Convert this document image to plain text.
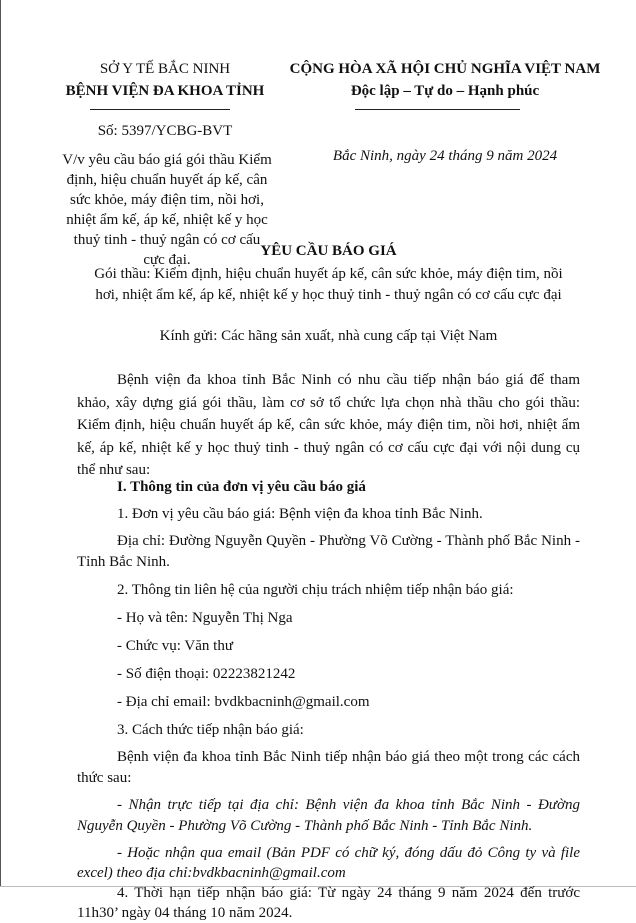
SỞ Y TẾ BẮC NINH
BỆNH VIỆN ĐA KHOA TỈNH
Số: 5397/YCBG-BVT
V/v yêu cầu báo giá gói thầu Kiểm định, hiệu chuẩn huyết áp kế, cân sức khỏe, máy điện tim, nồi hơi, nhiệt ẩm kế, áp kế, nhiệt kế y học thuỷ tinh - thuỷ ngân có cơ cấu cực đại.
CỘNG HÒA XÃ HỘI CHỦ NGHĨA VIỆT NAM
Độc lập – Tự do – Hạnh phúc
Bắc Ninh, ngày 24 tháng 9 năm 2024
YÊU CẦU BÁO GIÁ
Gói thầu: Kiểm định, hiệu chuẩn huyết áp kế, cân sức khỏe, máy điện tim, nồi hơi, nhiệt ẩm kế, áp kế, nhiệt kế y học thuỷ tinh - thuỷ ngân có cơ cấu cực đại
Kính gửi: Các hãng sản xuất, nhà cung cấp tại Việt Nam

Bệnh viện đa khoa tỉnh Bắc Ninh có nhu cầu tiếp nhận báo giá để tham khảo, xây dựng giá gói thầu, làm cơ sở tổ chức lựa chọn nhà thầu cho gói thầu: Kiểm định, hiệu chuẩn huyết áp kế, cân sức khỏe, máy điện tim, nồi hơi, nhiệt ẩm kế, áp kế, nhiệt kế y học thuỷ tinh - thuỷ ngân có cơ cấu cực đại với nội dung cụ thể như sau:

I. Thông tin của đơn vị yêu cầu báo giá

1. Đơn vị yêu cầu báo giá: Bệnh viện đa khoa tỉnh Bắc Ninh.

Địa chỉ: Đường Nguyễn Quyền - Phường Võ Cường - Thành phố Bắc Ninh - Tỉnh Bắc Ninh.

2. Thông tin liên hệ của người chịu trách nhiệm tiếp nhận báo giá:

- Họ và tên: Nguyễn Thị Nga

- Chức vụ: Văn thư

- Số điện thoại: 02223821242

- Địa chỉ email: bvdkbacninh@gmail.com

3. Cách thức tiếp nhận báo giá:

Bệnh viện đa khoa tỉnh Bắc Ninh tiếp nhận báo giá theo một trong các cách thức sau:

- Nhận trực tiếp tại địa chỉ: Bệnh viện đa khoa tỉnh Bắc Ninh - Đường Nguyễn Quyền - Phường Võ Cường - Thành phố Bắc Ninh - Tỉnh Bắc Ninh.

- Hoặc nhận qua email (Bản PDF có chữ ký, đóng dấu đỏ Công ty và file excel) theo địa chỉ:bvdkbacninh@gmail.com

4. Thời hạn tiếp nhận báo giá: Từ ngày 24 tháng 9 năm 2024 đến trước 11h30’ ngày 04 tháng 10 năm 2024.
